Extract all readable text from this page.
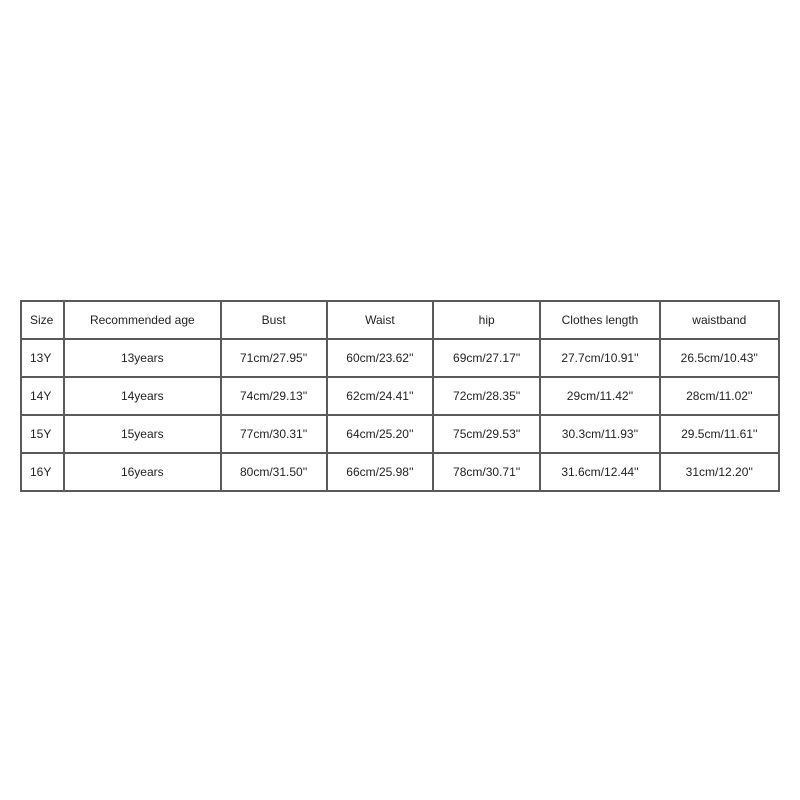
Size	Recommended age	Bust	Waist	hip	Clothes length	waistband
13Y	13years	71cm/27.95''	60cm/23.62''	69cm/27.17''	27.7cm/10.91''	26.5cm/10.43''
14Y	14years	74cm/29.13''	62cm/24.41''	72cm/28.35''	29cm/11.42''	28cm/11.02''
15Y	15years	77cm/30.31''	64cm/25.20''	75cm/29.53''	30.3cm/11.93''	29.5cm/11.61''
16Y	16years	80cm/31.50''	66cm/25.98''	78cm/30.71''	31.6cm/12.44''	31cm/12.20''
